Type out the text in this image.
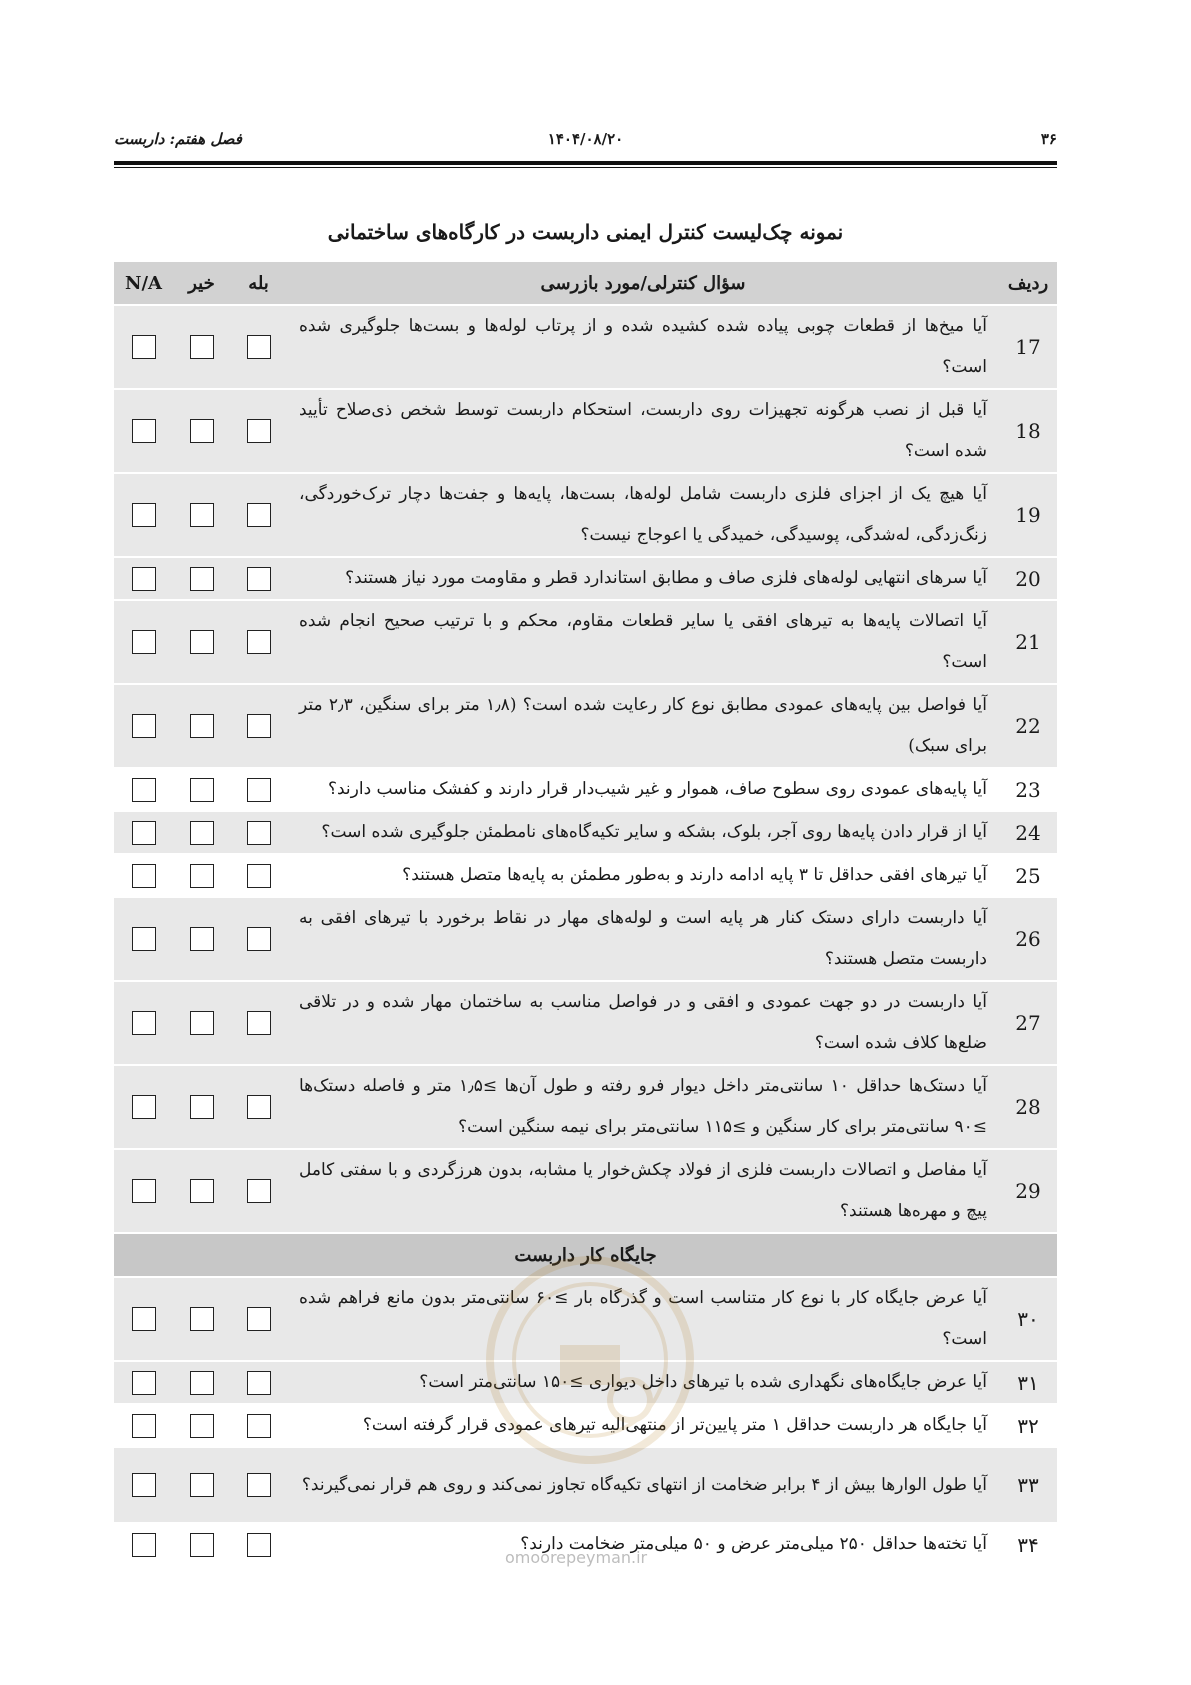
۳۶
۱۴۰۴/۰۸/۲۰
فصل هفتم: داربست
نمونه چک‌لیست کنترل ایمنی داربست در کارگاه‌های ساختمانی
ردیف	سؤال کنترلی/مورد بازرسی	بله	خیر	N/A
17	آیا میخ‌ها از قطعات چوبی پیاده شده کشیده شده و از پرتاب لوله‌ها و بست‌ها جلوگیری شده است؟			
18	آیا قبل از نصب هرگونه تجهیزات روی داربست، استحکام داربست توسط شخص ذی‌صلاح تأیید شده است؟			
19	آیا هیچ یک از اجزای فلزی داربست شامل لوله‌ها، بست‌ها، پایه‌ها و جفت‌ها دچار ترک‌خوردگی، زنگ‌زدگی، له‌شدگی، پوسیدگی، خمیدگی یا اعوجاج نیست؟			
20	آیا سرهای انتهایی لوله‌های فلزی صاف و مطابق استاندارد قطر و مقاومت مورد نیاز هستند؟			
21	آیا اتصالات پایه‌ها به تیرهای افقی یا سایر قطعات مقاوم، محکم و با ترتیب صحیح انجام شده است؟			
22	آیا فواصل بین پایه‌های عمودی مطابق نوع کار رعایت شده است؟ (۱٫۸ متر برای سنگین، ۲٫۳ متر برای سبک)			
23	آیا پایه‌های عمودی روی سطوح صاف، هموار و غیر شیب‌دار قرار دارند و کفشک مناسب دارند؟			
24	آیا از قرار دادن پایه‌ها روی آجر، بلوک، بشکه و سایر تکیه‌گاه‌های نامطمئن جلوگیری شده است؟			
25	آیا تیرهای افقی حداقل تا ۳ پایه ادامه دارند و به‌طور مطمئن به پایه‌ها متصل هستند؟			
26	آیا داربست دارای دستک کنار هر پایه است و لوله‌های مهار در نقاط برخورد با تیرهای افقی به داربست متصل هستند؟			
27	آیا داربست در دو جهت عمودی و افقی و در فواصل مناسب به ساختمان مهار شده و در تلاقی ضلع‌ها کلاف شده است؟			
28	آیا دستک‌ها حداقل ۱۰ سانتی‌متر داخل دیوار فرو رفته و طول آن‌ها ≥۱٫۵ متر و فاصله دستک‌ها ≥۹۰ سانتی‌متر برای کار سنگین و ≥۱۱۵ سانتی‌متر برای نیمه سنگین است؟			
29	آیا مفاصل و اتصالات داربست فلزی از فولاد چکش‌خوار یا مشابه، بدون هرزگردی و با سفتی کامل پیچ و مهره‌ها هستند؟			
جایگاه کار داربست				
۳۰	آیا عرض جایگاه کار با نوع کار متناسب است و گذرگاه بار ≥۶۰ سانتی‌متر بدون مانع فراهم شده است؟			
۳۱	آیا عرض جایگاه‌های نگهداری شده با تیرهای داخل دیواری ≥۱۵۰ سانتی‌متر است؟			
۳۲	آیا جایگاه هر داربست حداقل ۱ متر پایین‌تر از منتهی‌الیه تیرهای عمودی قرار گرفته است؟			
۳۳	آیا طول الوارها بیش از ۴ برابر ضخامت از انتهای تکیه‌گاه تجاوز نمی‌کند و روی هم قرار نمی‌گیرند؟			
۳۴	آیا تخته‌ها حداقل ۲۵۰ میلی‌متر عرض و ۵۰ میلی‌متر ضخامت دارند؟			
omoorepeyman.ir
